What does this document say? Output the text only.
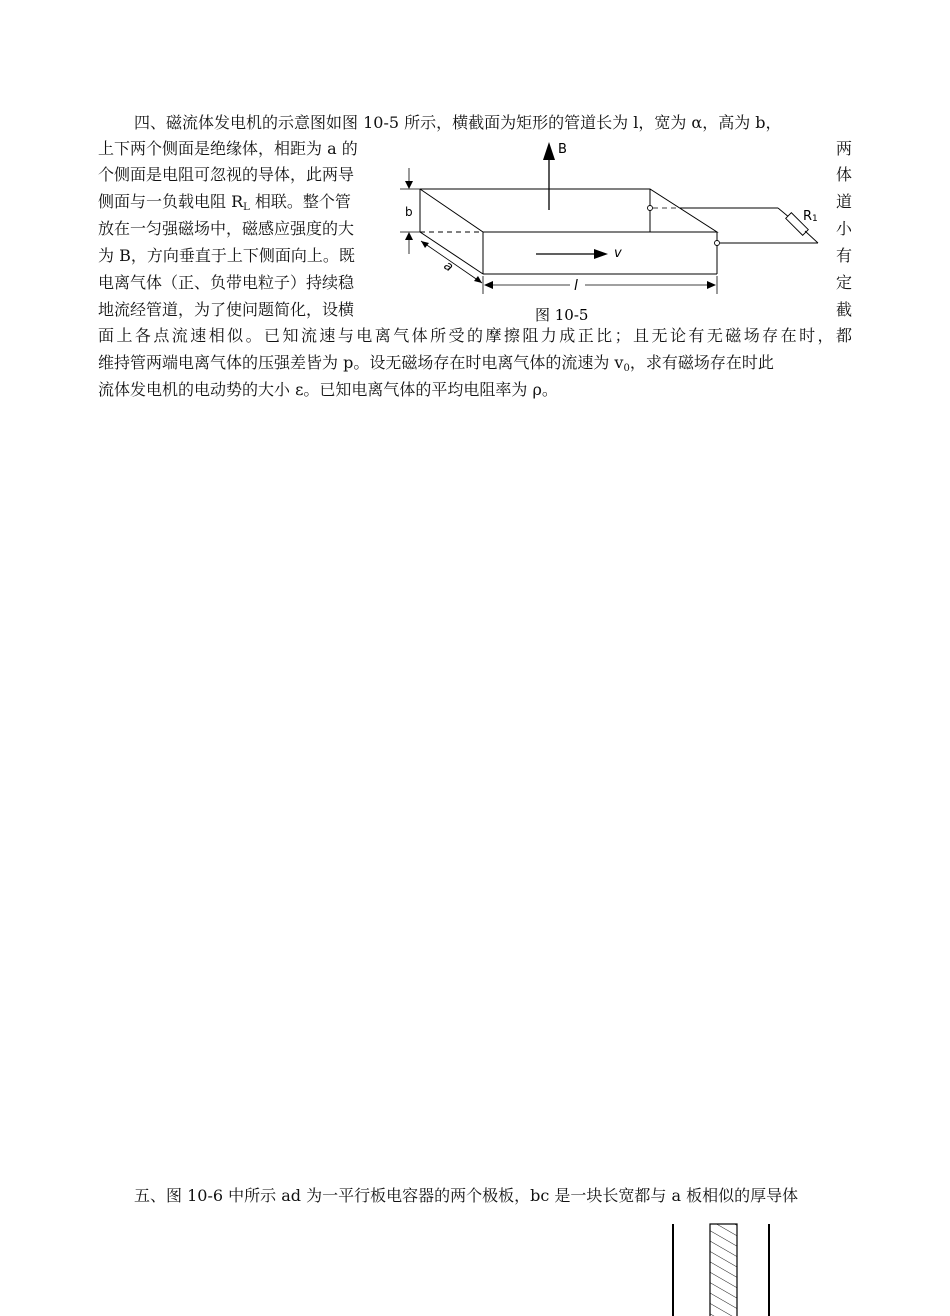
四、磁流体发电机的示意图如图 10-5 所示，横截面为矩形的管道长为 l，宽为 α，高为 b，
上下两个侧面是绝缘体，相距为 a 的
个侧面是电阻可忽视的导体，此两导
侧面与一负载电阻 $R_L$ 相联。整个管
放在一匀强磁场中，磁感应强度的大
为 B，方向垂直于上下侧面向上。既
电离气体（正、负带电粒子）持续稳
地流经管道，为了使问题简化，设横
两
体
道
小
有
定
截
面上各点流速相似。已知流速与电离气体所受的摩擦阻力成正比；且无论有无磁场存在时，都
维持管两端电离气体的压强差皆为 p。设无磁场存在时电离气体的流速为 $v_0$，求有磁场存在时此
流体发电机的电动势的大小 ε。已知电离气体的平均电阻率为 ρ。
B
b
a
l
v
R1
图 10-5
五、图 10-6 中所示 ad 为一平行板电容器的两个极板，bc 是一块长宽都与 a 板相似的厚导体
